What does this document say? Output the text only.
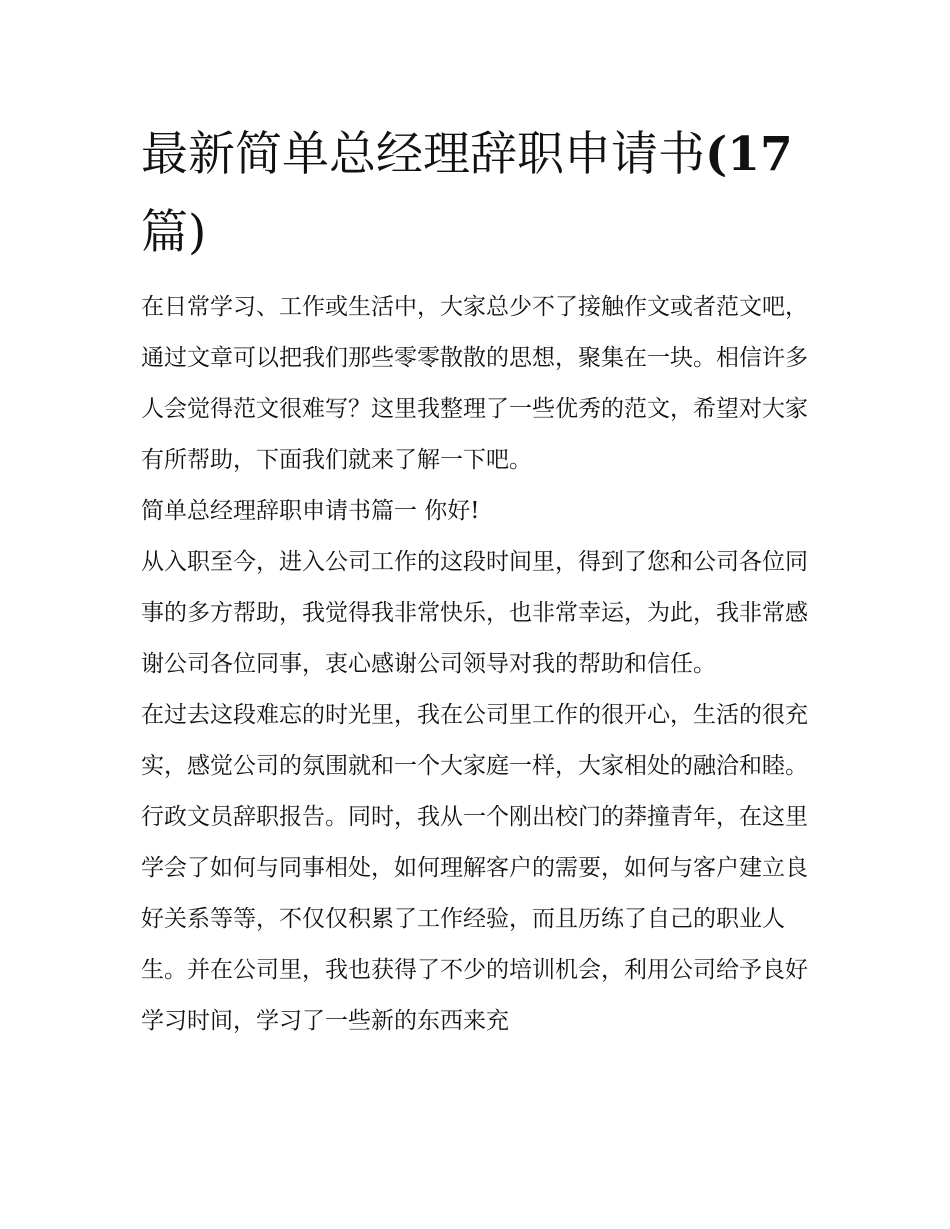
最新简单总经理辞职申请书(17
篇)

在日常学习、工作或生活中，大家总少不了接触作文或者范文吧，通过文章可以把我们那些零零散散的思想，聚集在一块。相信许多人会觉得范文很难写？这里我整理了一些优秀的范文，希望对大家有所帮助，下面我们就来了解一下吧。

简单总经理辞职申请书篇一 你好!

从入职至今，进入公司工作的这段时间里，得到了您和公司各位同事的多方帮助，我觉得我非常快乐，也非常幸运，为此，我非常感谢公司各位同事，衷心感谢公司领导对我的帮助和信任。

在过去这段难忘的时光里，我在公司里工作的很开心，生活的很充实，感觉公司的氛围就和一个大家庭一样，大家相处的融洽和睦。行政文员辞职报告。同时，我从一个刚出校门的莽撞青年，在这里学会了如何与同事相处，如何理解客户的需要，如何与客户建立良好关系等等，不仅仅积累了工作经验，而且历练了自己的职业人生。并在公司里，我也获得了不少的培训机会，利用公司给予良好学习时间，学习了一些新的东西来充
